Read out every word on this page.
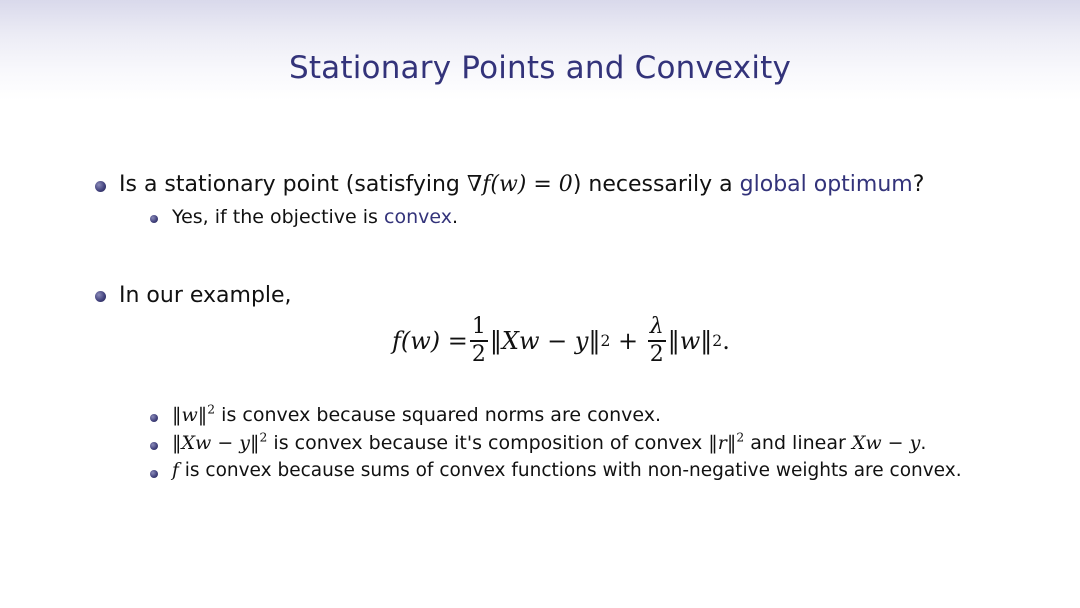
Stationary Points and Convexity
Is a stationary point (satisfying ∇f(w) = 0) necessarily a global optimum?
Yes, if the objective is convex.
In our example,
$f(w) = \frac{1}{2}$ ‖Xw − y‖ $2 + \frac{\lambda}{2}$ ‖w‖ 2 .
‖w‖$^2$ is convex because squared norms are convex.
‖Xw − y‖$^2$ is convex because it's composition of convex ‖r‖$^2$ and linear Xw − y.
f is convex because sums of convex functions with non-negative weights are convex.
